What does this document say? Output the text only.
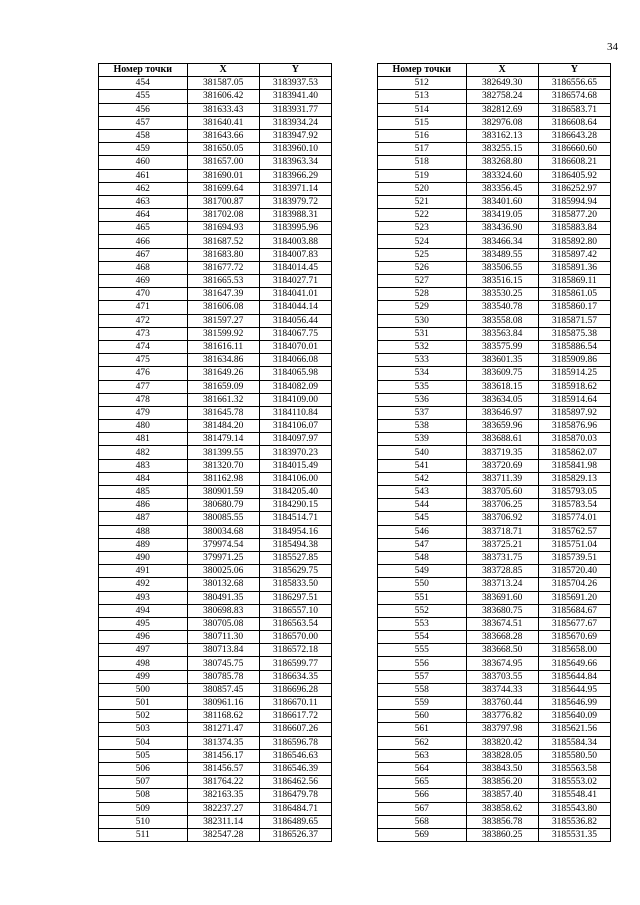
34
Номер точки	X	Y
454	381587.05	3183937.53
455	381606.42	3183941.40
456	381633.43	3183931.77
457	381640.41	3183934.24
458	381643.66	3183947.92
459	381650.05	3183960.10
460	381657.00	3183963.34
461	381690.01	3183966.29
462	381699.64	3183971.14
463	381700.87	3183979.72
464	381702.08	3183988.31
465	381694.93	3183995.96
466	381687.52	3184003.88
467	381683.80	3184007.83
468	381677.72	3184014.45
469	381665.53	3184027.71
470	381647.39	3184041.01
471	381606.08	3184044.14
472	381597.27	3184056.44
473	381599.92	3184067.75
474	381616.11	3184070.01
475	381634.86	3184066.08
476	381649.26	3184065.98
477	381659.09	3184082.09
478	381661.32	3184109.00
479	381645.78	3184110.84
480	381484.20	3184106.07
481	381479.14	3184097.97
482	381399.55	3183970.23
483	381320.70	3184015.49
484	381162.98	3184106.00
485	380901.59	3184205.40
486	380680.79	3184290.15
487	380085.55	3184514.71
488	380034.68	3184954.16
489	379974.54	3185494.38
490	379971.25	3185527.85
491	380025.06	3185629.75
492	380132.68	3185833.50
493	380491.35	3186297.51
494	380698.83	3186557.10
495	380705.08	3186563.54
496	380711.30	3186570.00
497	380713.84	3186572.18
498	380745.75	3186599.77
499	380785.78	3186634.35
500	380857.45	3186696.28
501	380961.16	3186670.11
502	381168.62	3186617.72
503	381271.47	3186607.26
504	381374.35	3186596.78
505	381456.17	3186546.63
506	381456.57	3186546.39
507	381764.22	3186462.56
508	382163.35	3186479.78
509	382237.27	3186484.71
510	382311.14	3186489.65
511	382547.28	3186526.37
Номер точки	X	Y
512	382649.30	3186556.65
513	382758.24	3186574.68
514	382812.69	3186583.71
515	382976.08	3186608.64
516	383162.13	3186643.28
517	383255.15	3186660.60
518	383268.80	3186608.21
519	383324.60	3186405.92
520	383356.45	3186252.97
521	383401.60	3185994.94
522	383419.05	3185877.20
523	383436.90	3185883.84
524	383466.34	3185892.80
525	383489.55	3185897.42
526	383506.55	3185891.36
527	383516.15	3185869.11
528	383530.25	3185861.05
529	383540.78	3185860.17
530	383558.08	3185871.57
531	383563.84	3185875.38
532	383575.99	3185886.54
533	383601.35	3185909.86
534	383609.75	3185914.25
535	383618.15	3185918.62
536	383634.05	3185914.64
537	383646.97	3185897.92
538	383659.96	3185876.96
539	383688.61	3185870.03
540	383719.35	3185862.07
541	383720.69	3185841.98
542	383711.39	3185829.13
543	383705.60	3185793.05
544	383706.25	3185783.54
545	383706.92	3185774.01
546	383718.71	3185762.57
547	383725.21	3185751.04
548	383731.75	3185739.51
549	383728.85	3185720.40
550	383713.24	3185704.26
551	383691.60	3185691.20
552	383680.75	3185684.67
553	383674.51	3185677.67
554	383668.28	3185670.69
555	383668.50	3185658.00
556	383674.95	3185649.66
557	383703.55	3185644.84
558	383744.33	3185644.95
559	383760.44	3185646.99
560	383776.82	3185640.09
561	383797.98	3185621.56
562	383820.42	3185584.34
563	383828.05	3185580.50
564	383843.50	3185563.58
565	383856.20	3185553.02
566	383857.40	3185548.41
567	383858.62	3185543.80
568	383856.78	3185536.82
569	383860.25	3185531.35
